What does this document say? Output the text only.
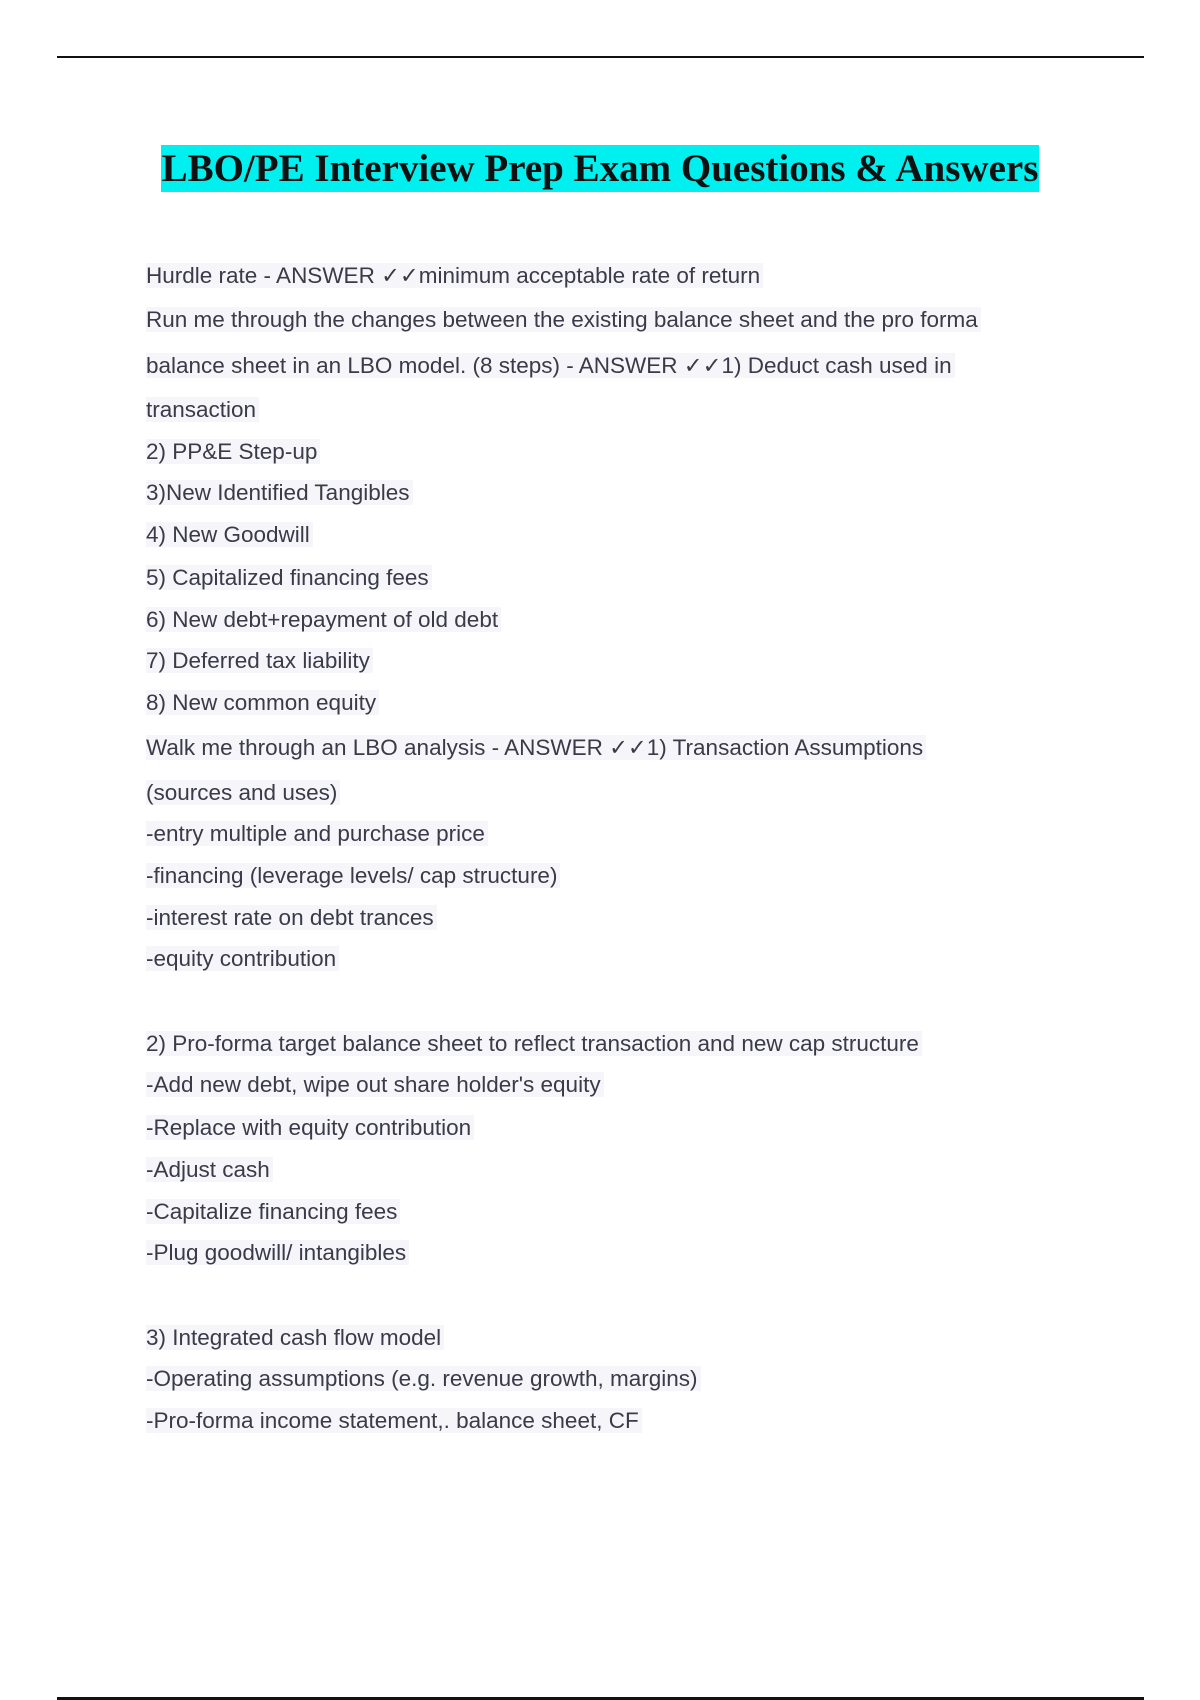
LBO/PE Interview Prep Exam Questions & Answers
Hurdle rate - ANSWER ✓✓minimum acceptable rate of return
Run me through the changes between the existing balance sheet and the pro forma
balance sheet in an LBO model. (8 steps) - ANSWER ✓✓1) Deduct cash used in
transaction
2) PP&E Step-up
3)New Identified Tangibles
4) New Goodwill
5) Capitalized financing fees
6) New debt+repayment of old debt
7) Deferred tax liability
8) New common equity
Walk me through an LBO analysis - ANSWER ✓✓1) Transaction Assumptions
(sources and uses)
-entry multiple and purchase price
-financing (leverage levels/ cap structure)
-interest rate on debt trances
-equity contribution
2) Pro-forma target balance sheet to reflect transaction and new cap structure
-Add new debt, wipe out share holder's equity
-Replace with equity contribution
-Adjust cash
-Capitalize financing fees
-Plug goodwill/ intangibles
3) Integrated cash flow model
-Operating assumptions (e.g. revenue growth, margins)
-Pro-forma income statement,. balance sheet, CF
